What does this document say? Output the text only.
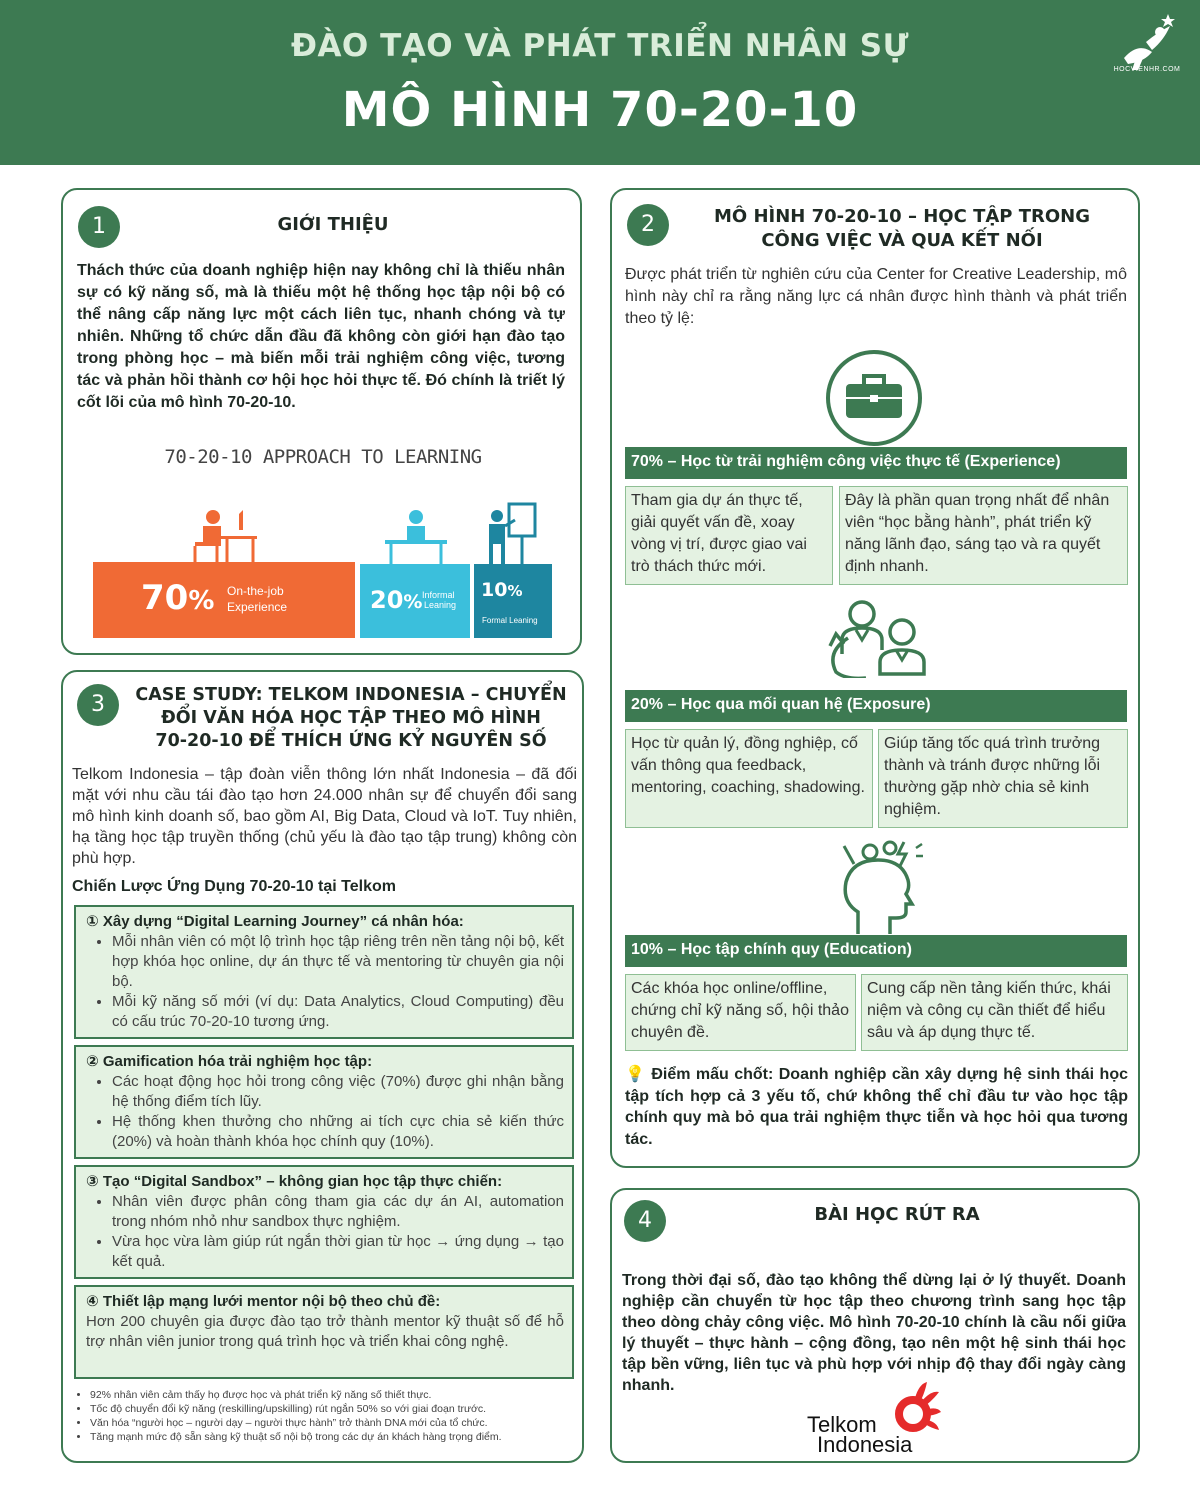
ĐÀO TẠO VÀ PHÁT TRIỂN NHÂN SỰ
MÔ HÌNH 70-20-10
HOCVIENHR.COM
1	GIỚI THIỆU
Thách thức của doanh nghiệp hiện nay không chỉ là thiếu nhân sự có kỹ năng số, mà là thiếu một hệ thống học tập nội bộ có thể nâng cấp năng lực một cách liên tục, nhanh chóng và tự nhiên. Những tổ chức dẫn đầu đã không còn giới hạn đào tạo trong phòng học – mà biến mỗi trải nghiệm công việc, tương tác và phản hồi thành cơ hội học hỏi thực tế. Đó chính là triết lý cốt lõi của mô hình 70-20-10.
70-20-10 APPROACH TO LEARNING
70% On-the-job
Experience	20% Informal
Leaning
10%
Formal Leaning
2	MÔ HÌNH 70-20-10 – HỌC TẬP TRONG
CÔNG VIỆC VÀ QUA KẾT NỐI
Được phát triển từ nghiên cứu của Center for Creative Leadership, mô hình này chỉ ra rằng năng lực cá nhân được hình thành và phát triển theo tỷ lệ:
70% – Học từ trải nghiệm công việc thực tế (Experience)
Tham gia dự án thực tế, giải quyết vấn đề, xoay vòng vị trí, được giao vai trò thách thức mới.
Đây là phần quan trọng nhất để nhân viên “học bằng hành”, phát triển kỹ năng lãnh đạo, sáng tạo và ra quyết định nhanh.
20% – Học qua mối quan hệ (Exposure)
Học từ quản lý, đồng nghiệp, cố vấn thông qua feedback, mentoring, coaching, shadowing.
Giúp tăng tốc quá trình trưởng thành và tránh được những lỗi thường gặp nhờ chia sẻ kinh nghiệm.
10% – Học tập chính quy (Education)
Các khóa học online/offline, chứng chỉ kỹ năng số, hội thảo chuyên đề.
Cung cấp nền tảng kiến thức, khái niệm và công cụ cần thiết để hiểu sâu và áp dụng thực tế.
💡 Điểm mấu chốt: Doanh nghiệp cần xây dựng hệ sinh thái học tập tích hợp cả 3 yếu tố, chứ không thể chỉ đầu tư vào học tập chính quy mà bỏ qua trải nghiệm thực tiễn và học hỏi qua tương tác.
3	CASE STUDY: TELKOM INDONESIA – CHUYỂN
ĐỔI VĂN HÓA HỌC TẬP THEO MÔ HÌNH
70-20-10 ĐỂ THÍCH ỨNG KỶ NGUYÊN SỐ
Telkom Indonesia – tập đoàn viễn thông lớn nhất Indonesia – đã đối mặt với nhu cầu tái đào tạo hơn 24.000 nhân sự để chuyển đổi sang mô hình kinh doanh số, bao gồm AI, Big Data, Cloud và IoT. Tuy nhiên, hạ tầng học tập truyền thống (chủ yếu là đào tạo tập trung) không còn phù hợp.
Chiến Lược Ứng Dụng 70-20-10 tại Telkom
① Xây dựng “Digital Learning Journey” cá nhân hóa:
• Mỗi nhân viên có một lộ trình học tập riêng trên nền tảng nội bộ, kết hợp khóa học online, dự án thực tế và mentoring từ chuyên gia nội bộ.
• Mỗi kỹ năng số mới (ví dụ: Data Analytics, Cloud Computing) đều có cấu trúc 70-20-10 tương ứng.
② Gamification hóa trải nghiệm học tập:
• Các hoạt động học hỏi trong công việc (70%) được ghi nhận bằng hệ thống điểm tích lũy.
• Hệ thống khen thưởng cho những ai tích cực chia sẻ kiến thức (20%) và hoàn thành khóa học chính quy (10%).
③ Tạo “Digital Sandbox” – không gian học tập thực chiến:
• Nhân viên được phân công tham gia các dự án AI, automation trong nhóm nhỏ như sandbox thực nghiệm.
• Vừa học vừa làm giúp rút ngắn thời gian từ học → ứng dụng → tạo kết quả.
④ Thiết lập mạng lưới mentor nội bộ theo chủ đề:

Hơn 200 chuyên gia được đào tạo trở thành mentor kỹ thuật số để hỗ trợ nhân viên junior trong quá trình học và triển khai công nghệ.

• 92% nhân viên cảm thấy họ được học và phát triển kỹ năng số thiết thực.
• Tốc độ chuyển đổi kỹ năng (reskilling/upskilling) rút ngắn 50% so với giai đoạn trước.
• Văn hóa “người học – người dạy – người thực hành” trở thành DNA mới của tổ chức.
• Tăng mạnh mức độ sẵn sàng kỹ thuật số nội bộ trong các dự án khách hàng trọng điểm.
4	BÀI HỌC RÚT RA
Trong thời đại số, đào tạo không thể dừng lại ở lý thuyết. Doanh nghiệp cần chuyển từ học tập theo chương trình sang học tập theo dòng chảy công việc. Mô hình 70-20-10 chính là cầu nối giữa lý thuyết – thực hành – cộng đồng, tạo nên một hệ sinh thái học tập bền vững, liên tục và phù hợp với nhịp độ thay đổi ngày càng nhanh.
Telkom
Indonesia
